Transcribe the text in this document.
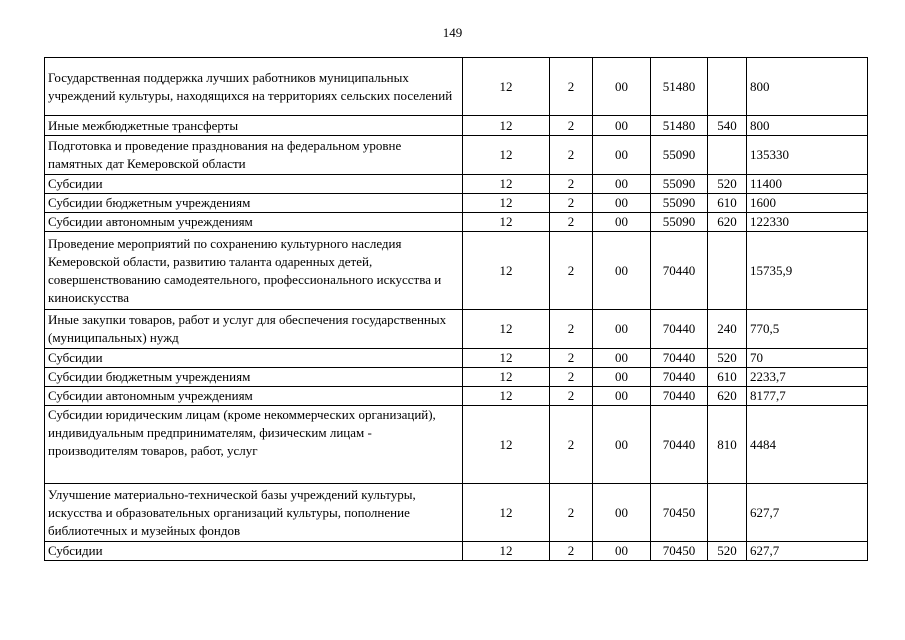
149
Государственная поддержка лучших работников муниципальных учреждений культуры, находящихся на территориях сельских поселений	12	2	00	51480		800
Иные межбюджетные трансферты	12	2	00	51480	540	800
Подготовка и проведение празднования на федеральном уровне памятных дат Кемеровской области	12	2	00	55090		135330
Субсидии	12	2	00	55090	520	11400
Субсидии бюджетным учреждениям	12	2	00	55090	610	1600
Субсидии автономным учреждениям	12	2	00	55090	620	122330
Проведение мероприятий по сохранению культурного наследия Кемеровской области, развитию таланта одаренных детей, совершенствованию самодеятельного, профессионального искусства и киноискусства	12	2	00	70440		15735,9
Иные закупки товаров, работ и услуг для обеспечения государственных (муниципальных) нужд	12	2	00	70440	240	770,5
Субсидии	12	2	00	70440	520	70
Субсидии бюджетным учреждениям	12	2	00	70440	610	2233,7
Субсидии автономным учреждениям	12	2	00	70440	620	8177,7
Субсидии юридическим лицам (кроме некоммерческих организаций), индивидуальным предпринимателям, физическим лицам - производителям товаров, работ, услуг	12	2	00	70440	810	4484
Улучшение материально-технической базы учреждений культуры, искусства и образовательных организаций культуры, пополнение библиотечных и музейных фондов	12	2	00	70450		627,7
Субсидии	12	2	00	70450	520	627,7
